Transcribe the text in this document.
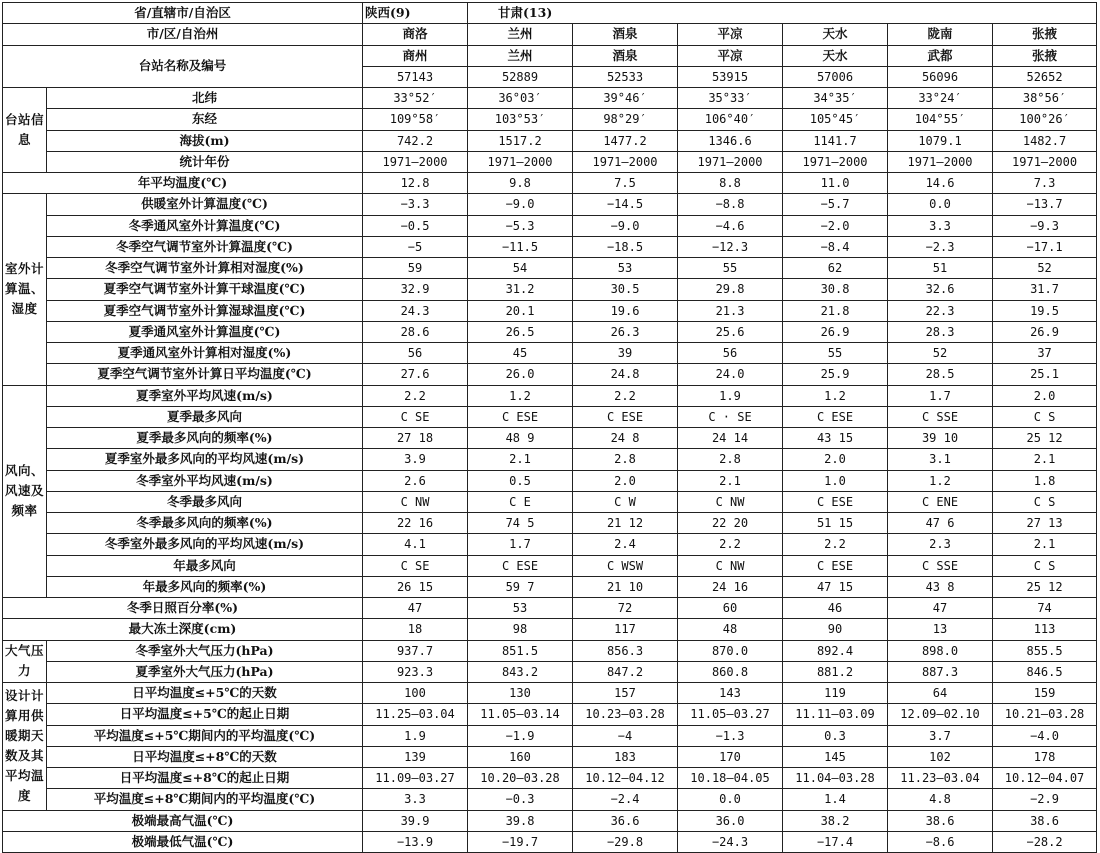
省/直辖市/自治区		陕西(9)	甘肃(13)					
市/区/自治州		商洛	兰州	酒泉	平凉	天水	陇南	张掖
台站名称及编号		商州	兰州	酒泉	平凉	天水	武都	张掖
		57143	52889	52533	53915	57006	56096	52652
台站信息	北纬	33°52′	36°03′	39°46′	35°33′	34°35′	33°24′	38°56′
	东经	109°58′	103°53′	98°29′	106°40′	105°45′	104°55′	100°26′
	海拔(m)	742.2	1517.2	1477.2	1346.6	1141.7	1079.1	1482.7
	统计年份	1971—2000	1971—2000	1971—2000	1971—2000	1971—2000	1971—2000	1971—2000
年平均温度(℃)		12.8	9.8	7.5	8.8	11.0	14.6	7.3
室外计算温、湿度	供暖室外计算温度(℃)	−3.3	−9.0	−14.5	−8.8	−5.7	0.0	−13.7
	冬季通风室外计算温度(℃)	−0.5	−5.3	−9.0	−4.6	−2.0	3.3	−9.3
	冬季空气调节室外计算温度(℃)	−5	−11.5	−18.5	−12.3	−8.4	−2.3	−17.1
	冬季空气调节室外计算相对湿度(%)	59	54	53	55	62	51	52
	夏季空气调节室外计算干球温度(℃)	32.9	31.2	30.5	29.8	30.8	32.6	31.7
	夏季空气调节室外计算湿球温度(℃)	24.3	20.1	19.6	21.3	21.8	22.3	19.5
	夏季通风室外计算温度(℃)	28.6	26.5	26.3	25.6	26.9	28.3	26.9
	夏季通风室外计算相对湿度(%)	56	45	39	56	55	52	37
	夏季空气调节室外计算日平均温度(℃)	27.6	26.0	24.8	24.0	25.9	28.5	25.1
风向、风速及频率	夏季室外平均风速(m/s)	2.2	1.2	2.2	1.9	1.2	1.7	2.0
	夏季最多风向	C SE	C ESE	C ESE	C · SE	C ESE	C SSE	C S
	夏季最多风向的频率(%)	27 18	48 9	24 8	24 14	43 15	39 10	25 12
	夏季室外最多风向的平均风速(m/s)	3.9	2.1	2.8	2.8	2.0	3.1	2.1
	冬季室外平均风速(m/s)	2.6	0.5	2.0	2.1	1.0	1.2	1.8
	冬季最多风向	C NW	C E	C W	C NW	C ESE	C ENE	C S
	冬季最多风向的频率(%)	22 16	74 5	21 12	22 20	51 15	47 6	27 13
	冬季室外最多风向的平均风速(m/s)	4.1	1.7	2.4	2.2	2.2	2.3	2.1
	年最多风向	C SE	C ESE	C WSW	C NW	C ESE	C SSE	C S
	年最多风向的频率(%)	26 15	59 7	21 10	24 16	47 15	43 8	25 12
冬季日照百分率(%)		47	53	72	60	46	47	74
最大冻土深度(cm)		18	98	117	48	90	13	113
大气压力	冬季室外大气压力(hPa)	937.7	851.5	856.3	870.0	892.4	898.0	855.5
	夏季室外大气压力(hPa)	923.3	843.2	847.2	860.8	881.2	887.3	846.5
设计计算用供暖期天数及其平均温度	日平均温度≤+5℃的天数	100	130	157	143	119	64	159
	日平均温度≤+5℃的起止日期	11.25—03.04	11.05—03.14	10.23—03.28	11.05—03.27	11.11—03.09	12.09—02.10	10.21—03.28
	平均温度≤+5℃期间内的平均温度(℃)	1.9	−1.9	−4	−1.3	0.3	3.7	−4.0
	日平均温度≤+8℃的天数	139	160	183	170	145	102	178
	日平均温度≤+8℃的起止日期	11.09—03.27	10.20—03.28	10.12—04.12	10.18—04.05	11.04—03.28	11.23—03.04	10.12—04.07
	平均温度≤+8℃期间内的平均温度(℃)	3.3	−0.3	−2.4	0.0	1.4	4.8	−2.9
极端最高气温(℃)		39.9	39.8	36.6	36.0	38.2	38.6	38.6
极端最低气温(℃)		−13.9	−19.7	−29.8	−24.3	−17.4	−8.6	−28.2
